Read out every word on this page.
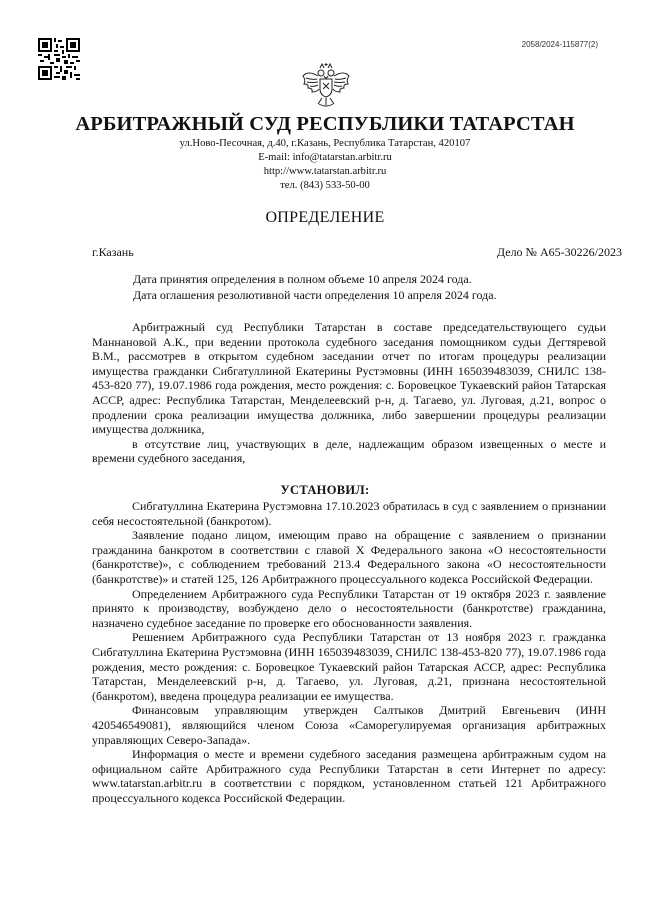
2058/2024-115877(2)
АРБИТРАЖНЫЙ СУД РЕСПУБЛИКИ ТАТАРСТАН
ул.Ново-Песочная, д.40, г.Казань, Республика Татарстан, 420107
E-mail: info@tatarstan.arbitr.ru
http://www.tatarstan.arbitr.ru
тел. (843) 533-50-00
ОПРЕДЕЛЕНИЕ
г.Казань	Дело № А65-30226/2023
Дата принятия определения в полном объеме 10 апреля 2024 года.
Дата оглашения резолютивной части определения 10 апреля 2024 года.

Арбитражный суд Республики Татарстан в составе председательствующего судьи Маннановой А.К., при ведении протокола судебного заседания помощником судьи Дегтяревой В.М., рассмотрев в открытом судебном заседании отчет по итогам процедуры реализации имущества гражданки Сибгатуллиной Екатерины Рустэмовны (ИНН 165039483039, СНИЛС 138-453-820 77), 19.07.1986 года рождения, место рождения: с. Боровецкое Тукаевский район Татарская АССР, адрес: Республика Татарстан, Менделеевский р-н, д. Тагаево, ул. Луговая, д.21, вопрос о продлении срока реализации имущества должника, либо завершении процедуры реализации имущества должника,

в отсутствие лиц, участвующих в деле, надлежащим образом извещенных о месте и времени судебного заседания,

УСТАНОВИЛ:

Сибгатуллина Екатерина Рустэмовна 17.10.2023 обратилась в суд с заявлением о признании себя несостоятельной (банкротом).

Заявление подано лицом, имеющим право на обращение с заявлением о признании гражданина банкротом в соответствии с главой X Федерального закона «О несостоятельности (банкротстве)», с соблюдением требований 213.4 Федерального закона «О несостоятельности (банкротстве)» и статей 125, 126 Арбитражного процессуального кодекса Российской Федерации.

Определением Арбитражного суда Республики Татарстан от 19 октября 2023 г. заявление принято к производству, возбуждено дело о несостоятельности (банкротстве) гражданина, назначено судебное заседание по проверке его обоснованности заявления.

Решением Арбитражного суда Республики Татарстан от 13 ноября 2023 г. гражданка Сибгатуллина Екатерина Рустэмовна (ИНН 165039483039, СНИЛС 138-453-820 77), 19.07.1986 года рождения, место рождения: с. Боровецкое Тукаевский район Татарская АССР, адрес: Республика Татарстан, Менделеевский р-н, д. Тагаево, ул. Луговая, д.21, признана несостоятельной (банкротом), введена процедура реализации ее имущества.

Финансовым управляющим утвержден Салтыков Дмитрий Евгеньевич (ИНН 420546549081), являющийся членом Союза «Саморегулируемая организация арбитражных управляющих Северо-Запада».

Информация о месте и времени судебного заседания размещена арбитражным судом на официальном сайте Арбитражного суда Республики Татарстан в сети Интернет по адресу: www.tatarstan.arbitr.ru в соответствии с порядком, установленном статьей 121 Арбитражного процессуального кодекса Российской Федерации.
